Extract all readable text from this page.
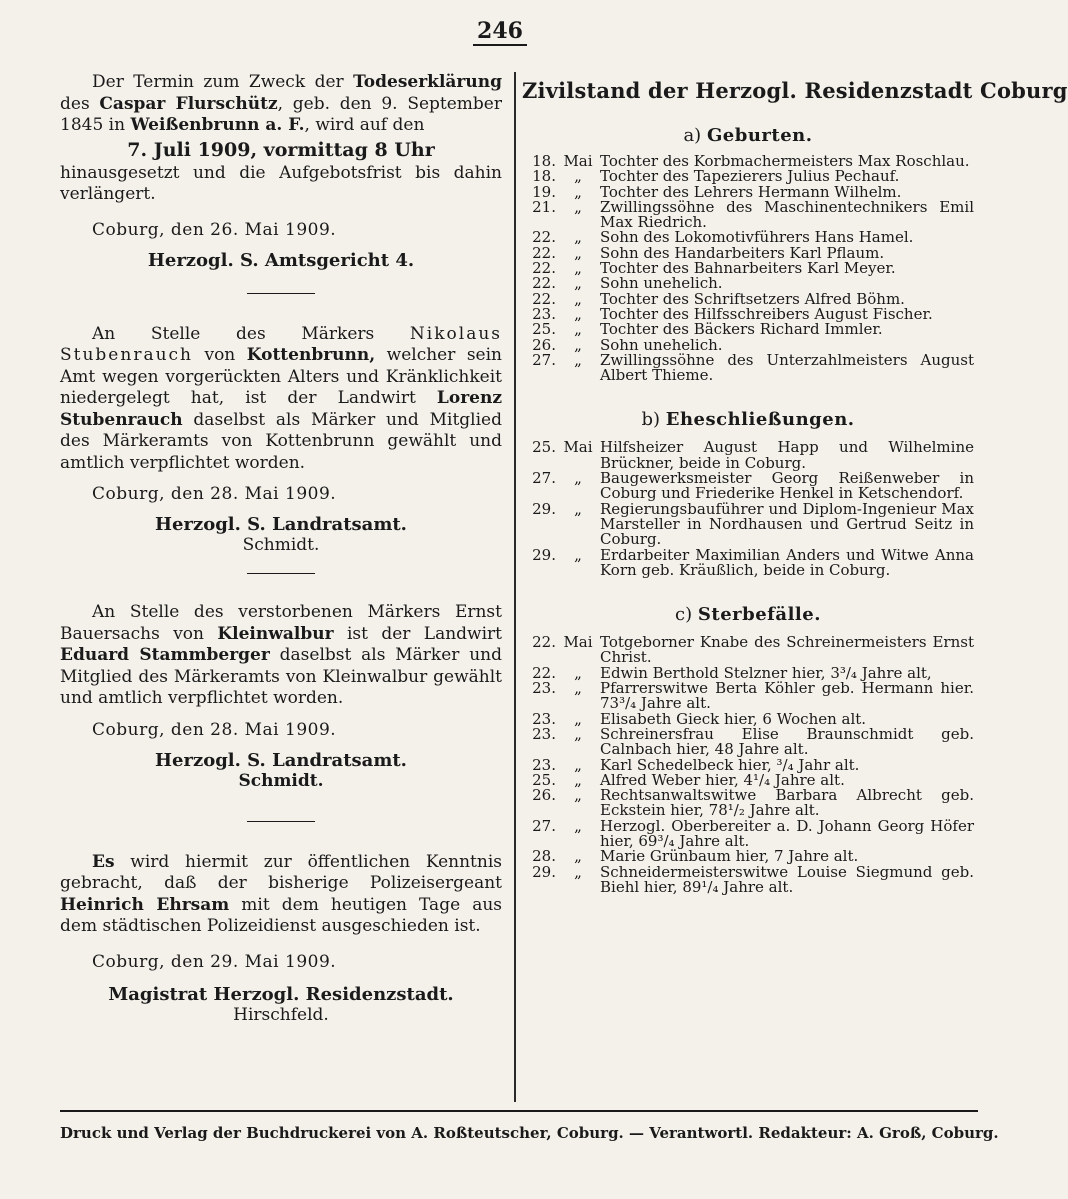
246

Der Termin zum Zweck der Todeserklärung des Caspar Flurschütz, geb. den 9. September 1845 in Weißenbrunn a. F., wird auf den

7. Juli 1909, vormittag 8 Uhr

hinausgesetzt und die Aufgebotsfrist bis dahin verlängert.

Coburg, den 26. Mai 1909.

Herzogl. S. Amtsgericht 4.

An Stelle des Märkers Nikolaus Stubenrauch von Kottenbrunn, welcher sein Amt wegen vorgerückten Alters und Kränklichkeit niedergelegt hat, ist der Landwirt Lorenz Stubenrauch daselbst als Märker und Mitglied des Märkeramts von Kottenbrunn gewählt und amtlich verpflichtet worden.

Coburg, den 28. Mai 1909.

Herzogl. S. Landratsamt.

Schmidt.

An Stelle des verstorbenen Märkers Ernst Bauersachs von Kleinwalbur ist der Landwirt Eduard Stammberger daselbst als Märker und Mitglied des Märkeramts von Kleinwalbur gewählt und amtlich verpflichtet worden.

Coburg, den 28. Mai 1909.

Herzogl. S. Landratsamt.

Schmidt.

Es wird hiermit zur öffentlichen Kenntnis gebracht, daß der bisherige Polizeisergeant Heinrich Ehrsam mit dem heutigen Tage aus dem städtischen Polizeidienst ausgeschieden ist.

Coburg, den 29. Mai 1909.

Magistrat Herzogl. Residenzstadt.

Hirschfeld.

Zivilstand der Herzogl. Residenzstadt Coburg

a) Geburten.

18. Mai Tochter des Korbmachermeisters Max Roschlau.
18.	„	Tochter des Tapezierers Julius Pechauf.
19.	„	Tochter des Lehrers Hermann Wilhelm.
21.	„	Zwillingssöhne des Maschinentechnikers Emil Max Riedrich.
22.	„	Sohn des Lokomotivführers Hans Hamel.
22.	„	Sohn des Handarbeiters Karl Pflaum.
22.	„	Tochter des Bahnarbeiters Karl Meyer.
22.	„	Sohn unehelich.
22.	„	Tochter des Schriftsetzers Alfred Böhm.
23.	„	Tochter des Hilfsschreibers August Fischer.
25.	„	Tochter des Bäckers Richard Immler.
26.	„	Sohn unehelich.
27.	„	Zwillingssöhne des Unterzahlmeisters August Albert Thieme.

b) Eheschließungen.

25. Mai Hilfsheizer August Happ und Wilhelmine Brückner, beide in Coburg.
27.	„	Baugewerksmeister Georg Reißenweber in Coburg und Friederike Henkel in Ketschendorf.
29.	„	Regierungsbauführer und Diplom-Ingenieur Max Marsteller in Nordhausen und Gertrud Seitz in Coburg.
29.	„	Erdarbeiter Maximilian Anders und Witwe Anna Korn geb. Kräußlich, beide in Coburg.

c) Sterbefälle.

22. Mai Totgeborner Knabe des Schreinermeisters Ernst Christ.
22.	„	Edwin Berthold Stelzner hier, 3³/₄ Jahre alt,
23.	„	Pfarrerswitwe Berta Köhler geb. Hermann hier. 73³/₄ Jahre alt.
23.	„	Elisabeth Gieck hier, 6 Wochen alt.
23.	„	Schreinersfrau Elise Braunschmidt geb. Calnbach hier, 48 Jahre alt.
23.	„	Karl Schedelbeck hier, ³/₄ Jahr alt.
25.	„	Alfred Weber hier, 4¹/₄ Jahre alt.
26.	„	Rechtsanwaltswitwe Barbara Albrecht geb. Eckstein hier, 78¹/₂ Jahre alt.
27.	„	Herzogl. Oberbereiter a. D. Johann Georg Höfer hier, 69³/₄ Jahre alt.
28.	„	Marie Grünbaum hier, 7 Jahre alt.
29.	„	Schneidermeisterswitwe Louise Siegmund geb. Biehl hier, 89¹/₄ Jahre alt.
Druck und Verlag der Buchdruckerei von A. Roßteutscher, Coburg. — Verantwortl. Redakteur: A. Groß, Coburg.
